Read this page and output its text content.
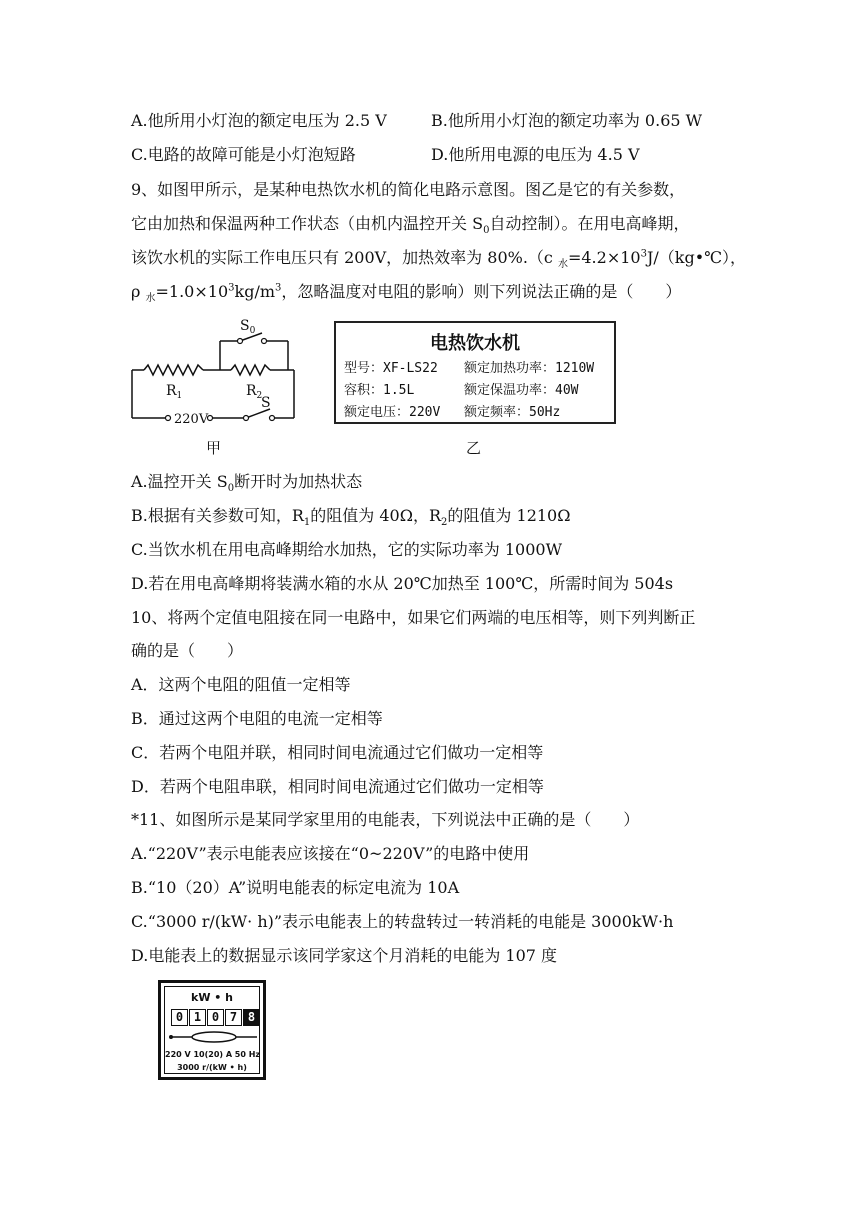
A.他所用小灯泡的额定电压为 2.5 V	B.他所用小灯泡的额定功率为 0.65 W
C.电路的故障可能是小灯泡短路	D.他所用电源的电压为 4.5 V
9、如图甲所示，是某种电热饮水机的简化电路示意图。图乙是它的有关参数，
它由加热和保温两种工作状态（由机内温控开关 $S_0$自动控制）。在用电高峰期，
该饮水机的实际工作电压只有 200V，加热效率为 80%.（c $_水=4.2\times 10^3J/(kg•℃)$，
ρ $_水=1.0\times 10^3kg/m^3$，忽略温度对电阻的影响）则下列说法正确的是（　　）
$S_0$
$R_1$	$R_2$
S
220V
甲
电热饮水机
型号：XF-LS22 额定加热功率：1210W
容积：1.5L	额定保温功率：40W
额定电压：220V 额定频率：50Hz
乙
A.温控开关 $S_0$断开时为加热状态
B.根据有关参数可知，$R_1$的阻值为 40Ω，$R_2$的阻值为 1210Ω
C.当饮水机在用电高峰期给水加热，它的实际功率为 1000W
D.若在用电高峰期将装满水箱的水从 20℃加热至 100℃，所需时间为 504s
10、将两个定值电阻接在同一电路中，如果它们两端的电压相等，则下列判断正
确的是（　　）
A．这两个电阻的阻值一定相等
B．通过这两个电阻的电流一定相等
C．若两个电阻并联，相同时间电流通过它们做功一定相等
D．若两个电阻串联，相同时间电流通过它们做功一定相等
*11、如图所示是某同学家里用的电能表，下列说法中正确的是（　　）
A.“220V”表示电能表应该接在“0~220V”的电路中使用
B.“10（20）A”说明电能表的标定电流为 10A
C.“3000 r/(kW· h)”表示电能表上的转盘转过一转消耗的电能是 3000kW·h
D.电能表上的数据显示该同学家这个月消耗的电能为 107 度
kW • h
0 1 0 7 8
220 V 10(20) A 50 Hz
3000 r/(kW • h)
